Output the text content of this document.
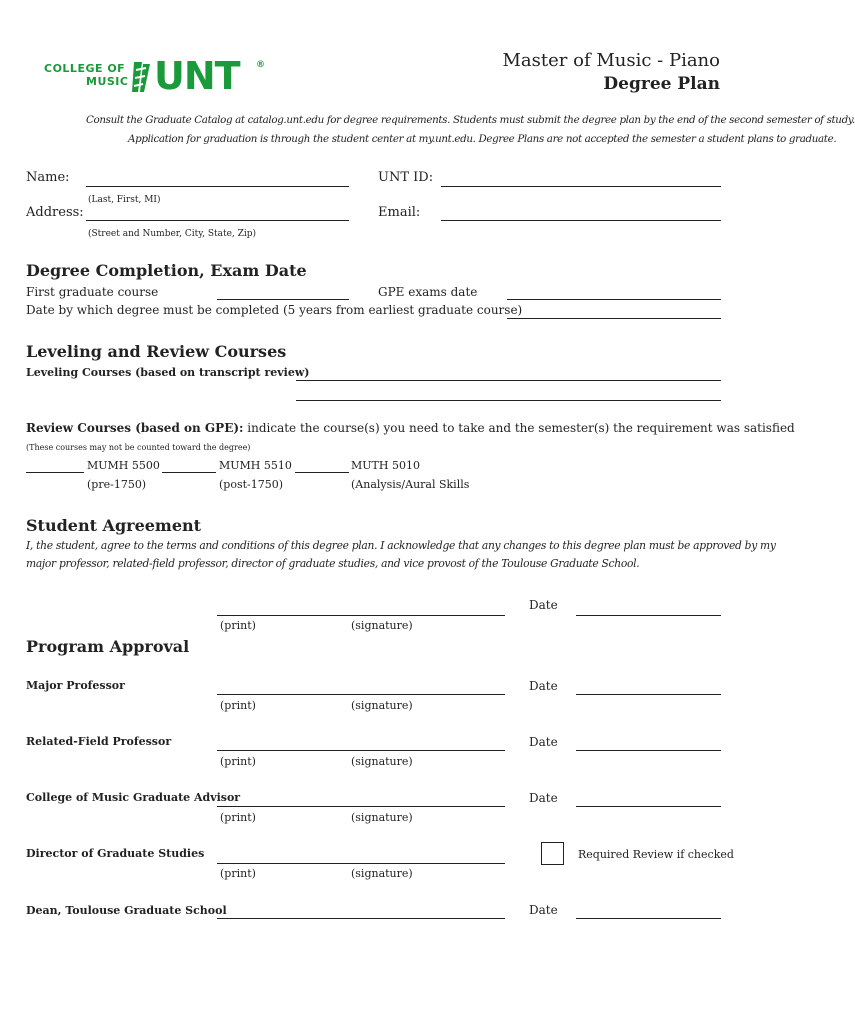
COLLEGE OF
MUSIC UNT ®	Master of Music - Piano
Degree Plan
Consult the Graduate Catalog at catalog.unt.edu for degree requirements. Students must submit the degree plan by the end of the second semester of study.
Application for graduation is through the student center at my.unt.edu. Degree Plans are not accepted the semester a student plans to graduate.
Name:
(Last, First, MI)
UNT ID:
Address:
(Street and Number, City, State, Zip)
Email:
Degree Completion, Exam Date
First graduate course	GPE exams date
Date by which degree must be completed (5 years from earliest graduate course)
Leveling and Review Courses
Leveling Courses (based on transcript review)
Review Courses (based on GPE): indicate the course(s) you need to take and the semester(s) the requirement was satisfied
(These courses may not be counted toward the degree)
MUMH 5500
(pre-1750)
MUMH 5510
(post-1750)
MUTH 5010
(Analysis/Aural Skills
Student Agreement
I, the student, agree to the terms and conditions of this degree plan. I acknowledge that any changes to this degree plan must be approved by my
major professor, related-field professor, director of graduate studies, and vice provost of the Toulouse Graduate School.
(print)	(signature)
Date
Program Approval
Major Professor
(print)	(signature)
Date
Related-Field Professor
(print)	(signature)
Date
College of Music Graduate Advisor
(print)	(signature)
Date
Director of Graduate Studies
(print)	(signature)
Required Review if checked
Dean, Toulouse Graduate School	Date
